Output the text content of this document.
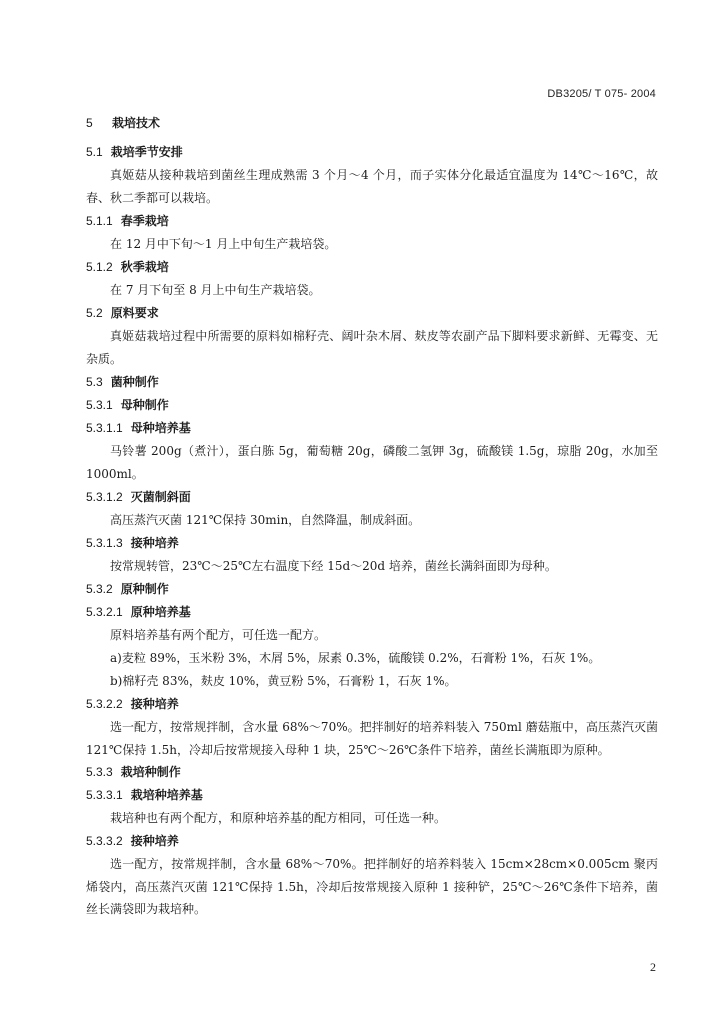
DB3205/ T 075- 2004
5 栽培技术
5.1 栽培季节安排
真姬菇从接种栽培到菌丝生理成熟需 3 个月～4 个月，而子实体分化最适宜温度为 14℃～16℃，故春、秋二季都可以栽培。
5.1.1 春季栽培
在 12 月中下旬～1 月上中旬生产栽培袋。
5.1.2 秋季栽培
在 7 月下旬至 8 月上中旬生产栽培袋。
5.2 原料要求
真姬菇栽培过程中所需要的原料如棉籽壳、阔叶杂木屑、麸皮等农副产品下脚料要求新鲜、无霉变、无杂质。
5.3 菌种制作
5.3.1 母种制作
5.3.1.1 母种培养基
马铃薯 200g（煮汁），蛋白胨 5g，葡萄糖 20g，磷酸二氢钾 3g，硫酸镁 1.5g，琼脂 20g，水加至 1000ml。
5.3.1.2 灭菌制斜面
高压蒸汽灭菌 121℃保持 30min，自然降温，制成斜面。
5.3.1.3 接种培养
按常规转管，23℃～25℃左右温度下经 15d～20d 培养，菌丝长满斜面即为母种。
5.3.2 原种制作
5.3.2.1 原种培养基
原料培养基有两个配方，可任选一配方。
a)麦粒 89%，玉米粉 3%，木屑 5%，尿素 0.3%，硫酸镁 0.2%，石膏粉 1%，石灰 1%。
b)棉籽壳 83%，麸皮 10%，黄豆粉 5%，石膏粉 1，石灰 1%。
5.3.2.2 接种培养
选一配方，按常规拌制，含水量 68%～70%。把拌制好的培养料装入 750ml 蘑菇瓶中，高压蒸汽灭菌 121℃保持 1.5h，冷却后按常规接入母种 1 块，25℃～26℃条件下培养，菌丝长满瓶即为原种。
5.3.3 栽培种制作
5.3.3.1 栽培种培养基
栽培种也有两个配方，和原种培养基的配方相同，可任选一种。
5.3.3.2 接种培养
选一配方，按常规拌制，含水量 68%～70%。把拌制好的培养料装入 15cm×28cm×0.005cm 聚丙烯袋内，高压蒸汽灭菌 121℃保持 1.5h，冷却后按常规接入原种 1 接种铲，25℃～26℃条件下培养，菌丝长满袋即为栽培种。
2
